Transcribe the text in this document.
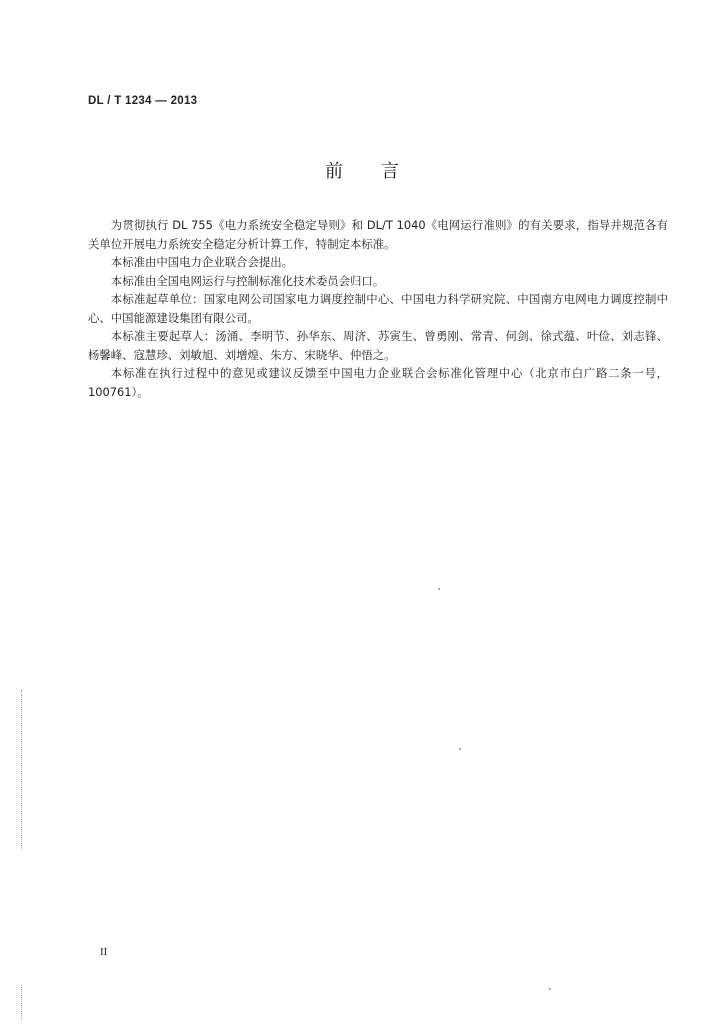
DL / T 1234 — 2013
前言

为贯彻执行 DL 755《电力系统安全稳定导则》和 DL/T 1040《电网运行准则》的有关要求，指导并规范各有关单位开展电力系统安全稳定分析计算工作，特制定本标准。

本标准由中国电力企业联合会提出。

本标准由全国电网运行与控制标准化技术委员会归口。

本标准起草单位：国家电网公司国家电力调度控制中心、中国电力科学研究院、中国南方电网电力调度控制中心、中国能源建设集团有限公司。

本标准主要起草人：汤涌、李明节、孙华东、周济、苏寅生、曾勇刚、常青、何剑、徐式蕴、叶俭、刘志锋、杨馨峰、寇慧珍、刘敏旭、刘增煌、朱方、宋晓华、仲悟之。

本标准在执行过程中的意见或建议反馈至中国电力企业联合会标准化管理中心（北京市白广路二条一号，100761）。

II
